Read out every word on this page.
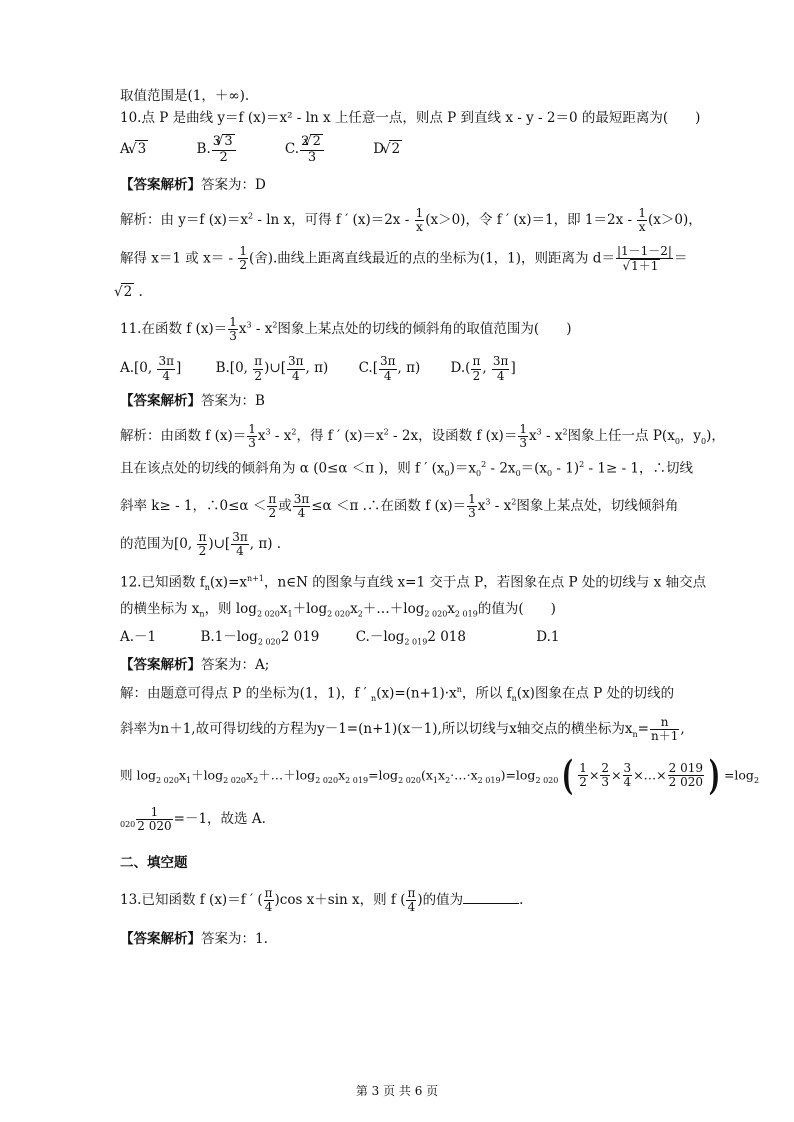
取值范围是(1，＋∞).
10.点 P 是曲线 y＝f (x)＝x² - ln x 上任意一点，则点 P 到直线 x - y - 2＝0 的最短距离为(　　)
A. √ 3	B. $\frac{3 √ 3}{2}$	C. $\frac{2 √ 2}{3}$	D. √ 2
【答案解析】答案为：D
解析：由 y＝f $(x)=x^2 - \ln x$，可得 f ′ $(x)=2x - \frac{1}{x} (x>0)$，令 f ′ (x)＝1，即 $1=2x - \frac{1}{x} (x>0)$，
解得 x＝1 或 $x= - \frac{1}{2}$ (舍).曲线上距离直线最近的点的坐标为(1，1)，则距离为 d＝ |1－1－2|
√ 1＋1 ＝
√ 2 .
11.在函数 f $(x)= \frac{1}{3} x^3 - x^2$图象上某点处的切线的倾斜角的取值范围为(　　)
A.[0, $\frac{3\pi}{4}$ ]	B.[0, $\frac{\pi}{2}$ )∪[ $\frac{3\pi}{4}$ , π) $C.[ \frac{3\pi}{4}$ , π) $D.( \frac{\pi}{2}$ , $\frac{3\pi}{4}$ ]
【答案解析】答案为：B
解析：由函数 f $(x)= \frac{1}{3} x^3 - x^2$，得 f ′ $(x)=x^2 - 2x$，设函数 f $(x)= \frac{1}{3} x^3 - x^2$图象上任一点 $P(x_0$，$y_0$)，
且在该点处的切线的倾斜角为 α (0≤α ＜π )，则 f ′ $(x_0)=x_0^2 - 2x_0=(x_0 - 1)^2 - 1\ge - 1$，∴切线
斜率 k≥ - 1，∴0≤α ＜ $\frac{\pi}{2}$ 或 $\frac{3\pi}{4} \le\alpha <\pi$ .∴在函数 f $(x)= \frac{1}{3} x^3 - x^2$图象上某点处，切线倾斜角
的范围为[0, $\frac{\pi}{2}$ )∪[ $\frac{3\pi}{4}$ , π) .
12.已知函数 $f_n(x)=x^{n+1}$，n∈N 的图象与直线 x=1 交于点 P，若图象在点 P 处的切线与 x 轴交点
的横坐标为 $x_n$，则 $\log_{2 020}x_1+\log_{2 020}x_2+\dots+\log_{2 020}x_{2 019}$的值为(　　)
A.－1	$B.1-\log_{2 020}2$ 019	$C.-\log_{2 019}2$ 018	D.1
【答案解析】答案为：A;
解：由题意可得点 P 的坐标为(1，1)，f ′ $_n(x)=(n+1)\cdot x^n$，所以 $f_n(x)$图象在点 P 处的切线的
斜率为n＋1,故可得切线的方程为y－1=(n+1)(x－1),所以切线与x轴交点的横坐标为$x_n= \frac{n}{n+1}$ ,
则 $\log_{2 020}x_1+\log_{2 020}x_2+\dots+\log_{2 020}x_{2 019}=\log_{2 020}(x_1x_2\cdot\dots\cdot x_{2 019})=\log_{2 020}( \frac{1}{2} \times \frac{2}{3} \times \frac{3}{4}$ ×…× $\frac{2 019}{2 020}$ ) $=\log_2$
$_{020} \frac{1}{2 020} =-1$，故选 A.
二、填空题
13.已知函数 f (x)＝f ′ ( $\frac{\pi}{4} )\cos$ x＋sin x，则 f ( $\frac{\pi}{4}$ )的值为	.
【答案解析】答案为：1.
第 3 页 共 6 页
